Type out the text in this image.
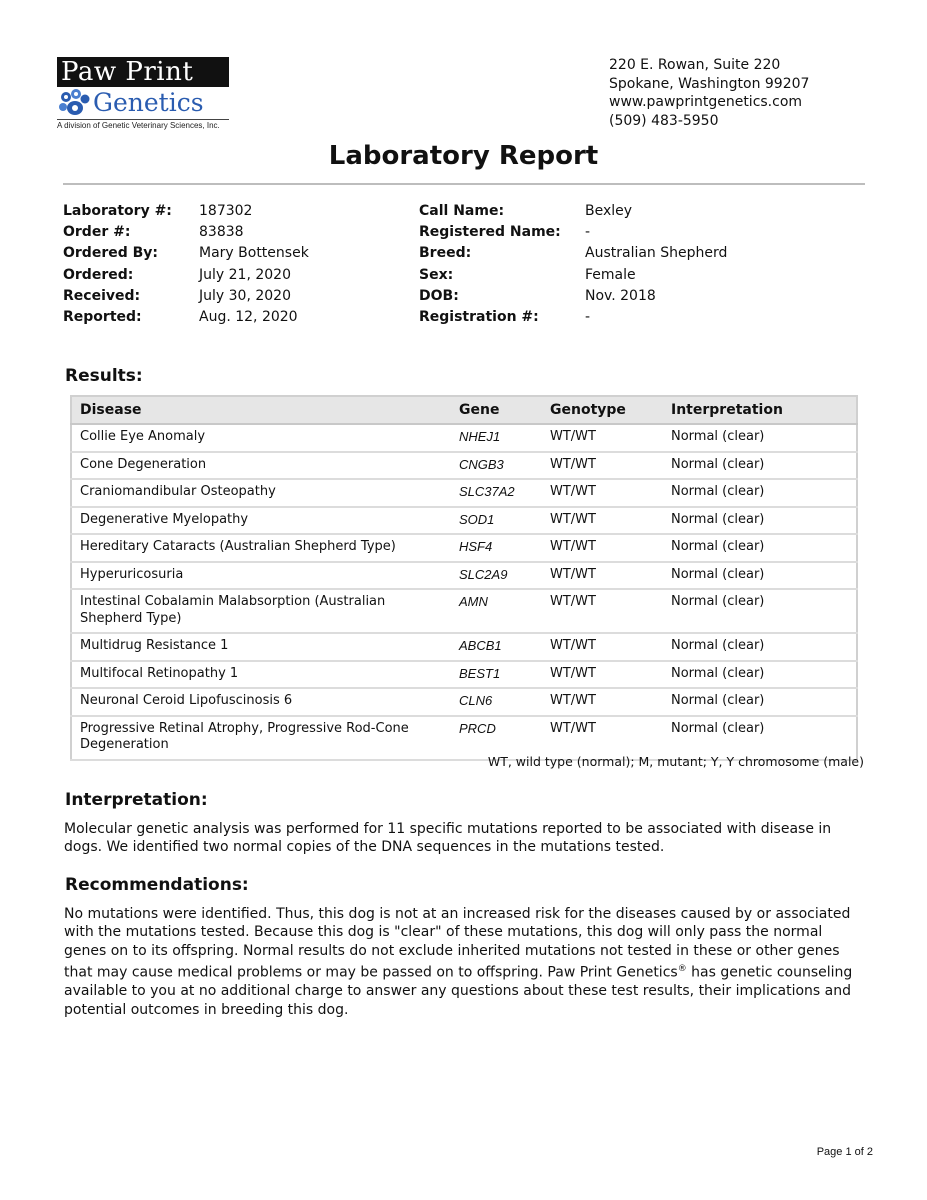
Paw Print
Genetics
A division of Genetic Veterinary Sciences, Inc.
220 E. Rowan, Suite 220
Spokane, Washington 99207
www.pawprintgenetics.com
(509) 483-5950
Laboratory Report
Laboratory #:	187302
Order #:	83838
Ordered By:	Mary Bottensek
Ordered:	July 21, 2020
Received:	July 30, 2020
Reported:	Aug. 12, 2020
Call Name:	Bexley
Registered Name:	-
Breed:	Australian Shepherd
Sex:	Female
DOB:	Nov. 2018
Registration #:	-
Results:
Disease	Gene	Genotype	Interpretation
Collie Eye Anomaly	NHEJ1	WT/WT	Normal (clear)
Cone Degeneration	CNGB3	WT/WT	Normal (clear)
Craniomandibular Osteopathy	SLC37A2	WT/WT	Normal (clear)
Degenerative Myelopathy	SOD1	WT/WT	Normal (clear)
Hereditary Cataracts (Australian Shepherd Type)	HSF4	WT/WT	Normal (clear)
Hyperuricosuria	SLC2A9	WT/WT	Normal (clear)
Intestinal Cobalamin Malabsorption (Australian Shepherd Type)	AMN	WT/WT	Normal (clear)
Multidrug Resistance 1	ABCB1	WT/WT	Normal (clear)
Multifocal Retinopathy 1	BEST1	WT/WT	Normal (clear)
Neuronal Ceroid Lipofuscinosis 6	CLN6	WT/WT	Normal (clear)
Progressive Retinal Atrophy, Progressive Rod-Cone Degeneration	PRCD	WT/WT	Normal (clear)
WT, wild type (normal); M, mutant; Y, Y chromosome (male)
Interpretation:
Molecular genetic analysis was performed for 11 specific mutations reported to be associated with disease in dogs. We identified two normal copies of the DNA sequences in the mutations tested.
Recommendations:
No mutations were identified. Thus, this dog is not at an increased risk for the diseases caused by or associated with the mutations tested. Because this dog is "clear" of these mutations, this dog will only pass the normal genes on to its offspring. Normal results do not exclude inherited mutations not tested in these or other genes that may cause medical problems or may be passed on to offspring. Paw Print Genetics® has genetic counseling available to you at no additional charge to answer any questions about these test results, their implications and potential outcomes in breeding this dog.
Page 1 of 2
